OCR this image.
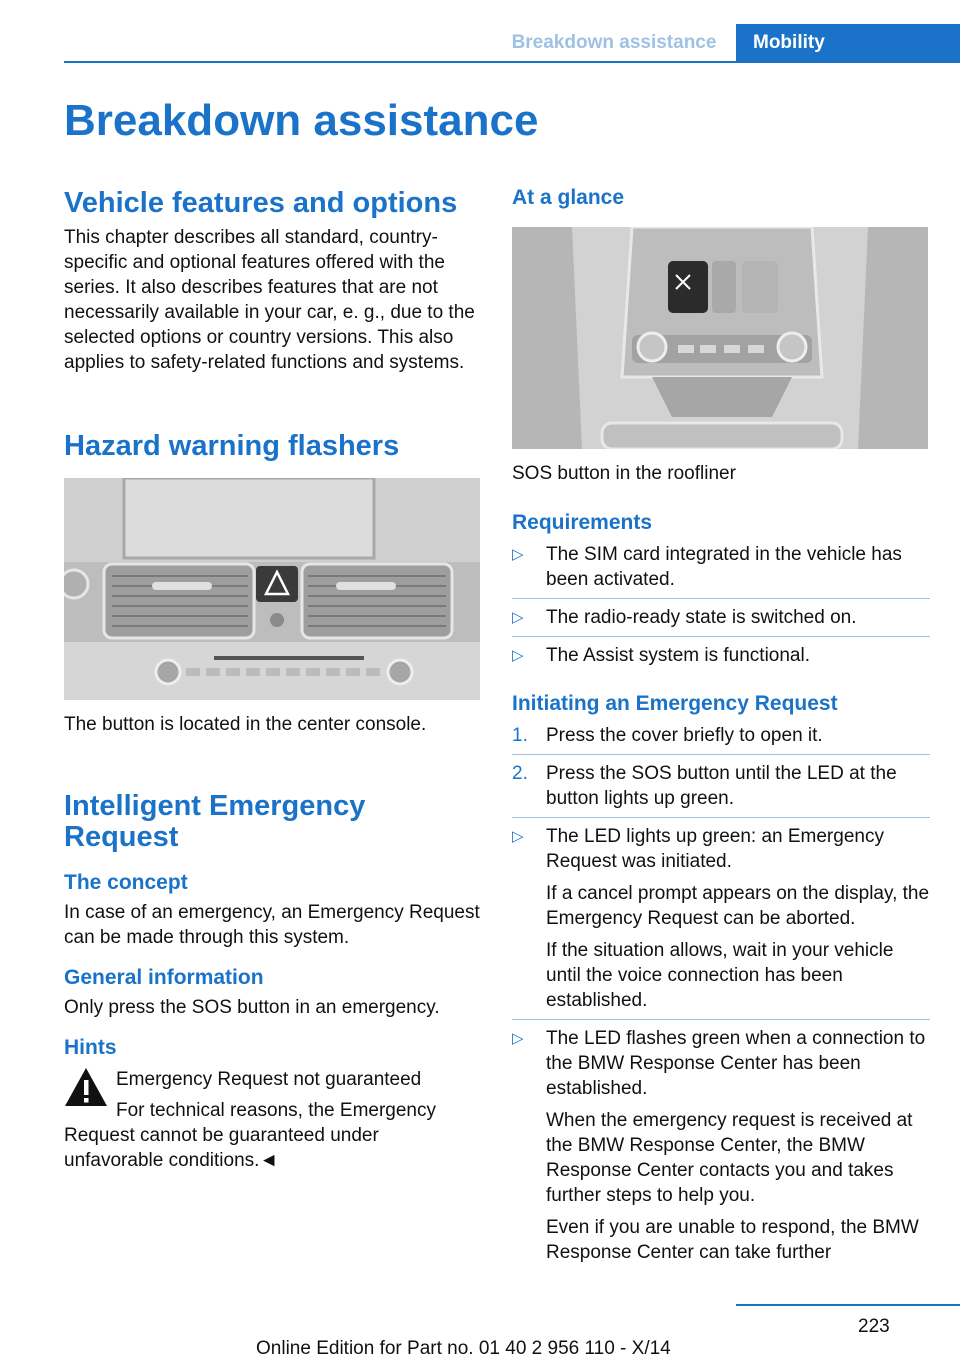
Breakdown assistance	Mobility
Breakdown assistance
Vehicle features and options

This chapter describes all standard, country-specific and optional features offered with the series. It also describes features that are not necessarily available in your car, e. g., due to the selected options or country versions. This also applies to safety-related functions and systems.

Hazard warning flashers

The button is located in the center console.

Intelligent Emergency Request
The concept

In case of an emergency, an Emergency Request can be made through this system.

General information

Only press the SOS button in an emergency.

Hints

Emergency Request not guaranteed

For technical reasons, the Emergency Request cannot be guaranteed under unfavorable conditions.◄

At a glance

SOS button in the roofliner

Requirements
▷	The SIM card integrated in the vehicle has been activated.
▷	The radio-ready state is switched on.
▷	The Assist system is functional.
Initiating an Emergency Request
1. Press the cover briefly to open it.
2. Press the SOS button until the LED at the button lights up green.
▷	The LED lights up green: an Emergency Request was initiated.

If a cancel prompt appears on the display, the Emergency Request can be aborted.

If the situation allows, wait in your vehicle until the voice connection has been established.

▷	The LED flashes green when a connection to the BMW Response Center has been established.

When the emergency request is received at the BMW Response Center, the BMW Response Center contacts you and takes further steps to help you.

Even if you are unable to respond, the BMW Response Center can take further

223
Online Edition for Part no. 01 40 2 956 110 - X/14
